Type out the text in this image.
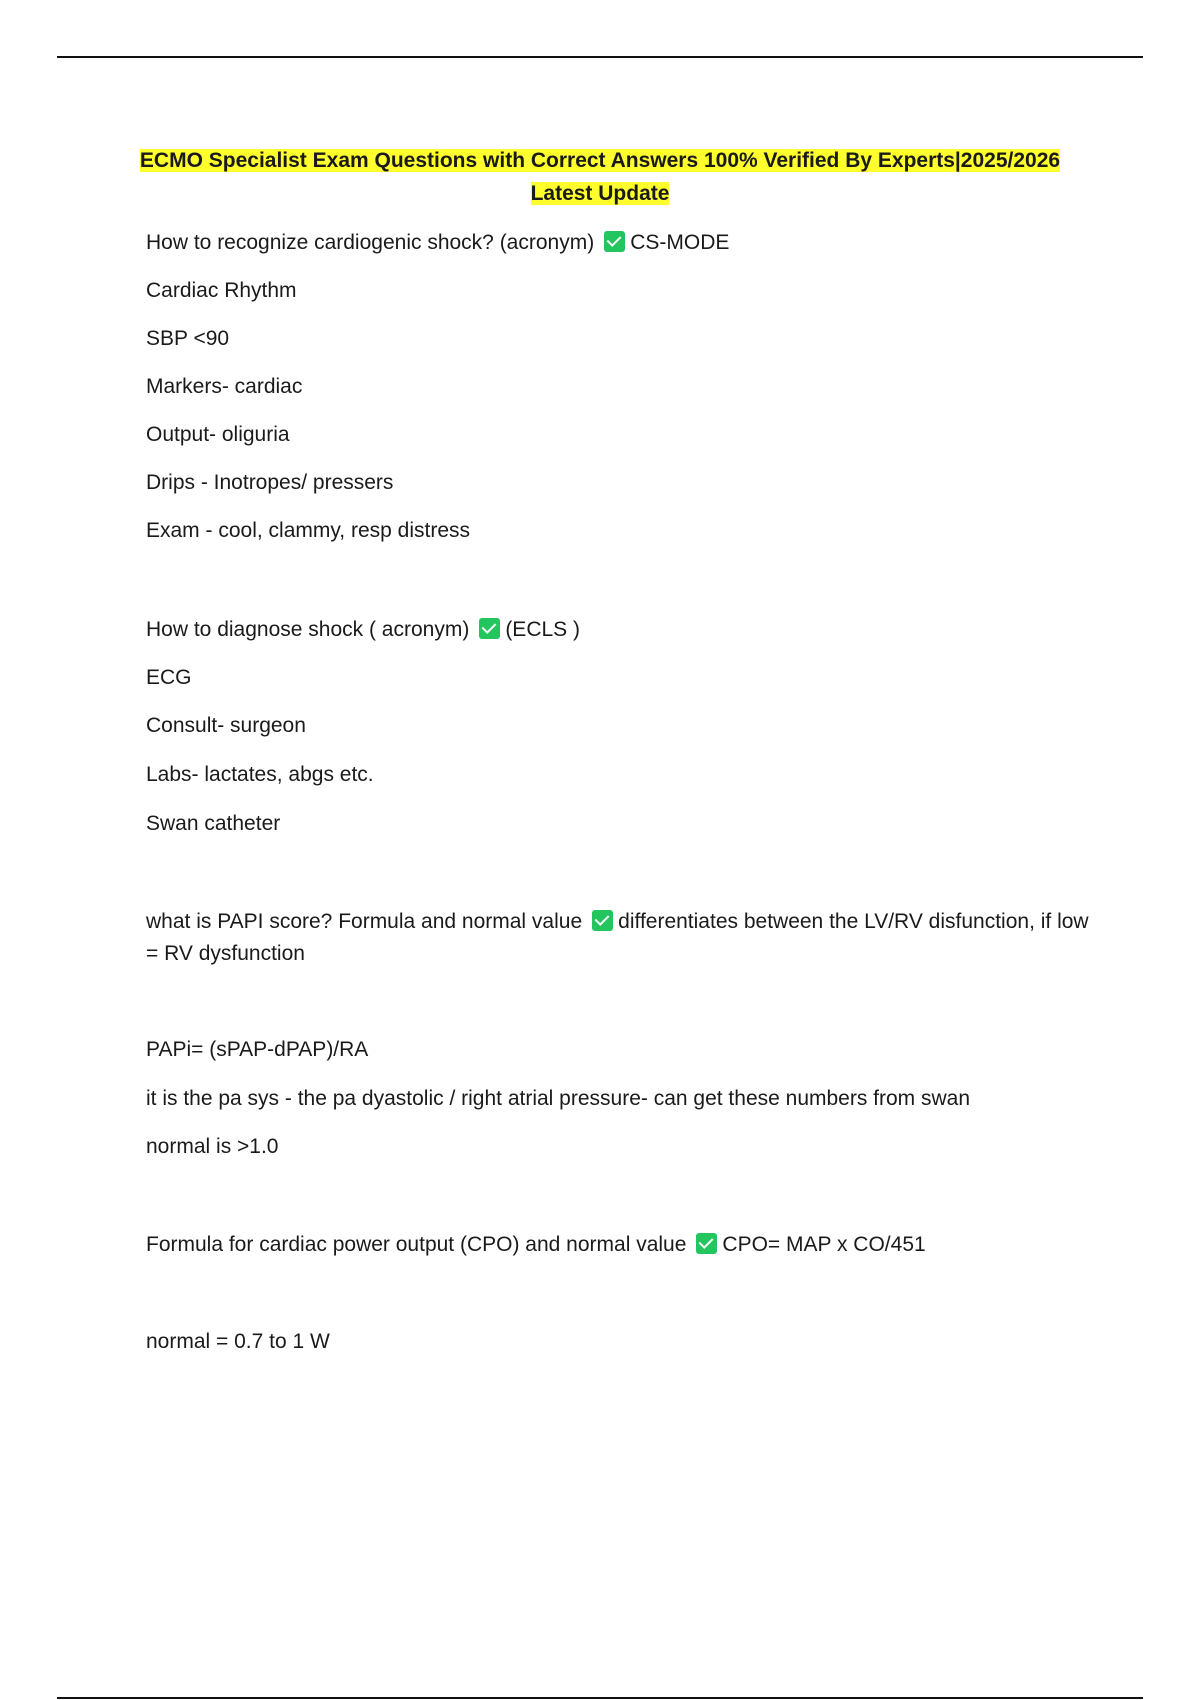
ECMO Specialist Exam Questions with Correct Answers 100% Verified By Experts|2025/2026
Latest Update
How to recognize cardiogenic shock? (acronym) CS-MODE
Cardiac Rhythm
SBP <90
Markers- cardiac
Output- oliguria
Drips - Inotropes/ pressers
Exam - cool, clammy, resp distress
How to diagnose shock ( acronym) (ECLS )
ECG
Consult- surgeon
Labs- lactates, abgs etc.
Swan catheter
what is PAPI score? Formula and normal value differentiates between the LV/RV disfunction, if low = RV dysfunction
PAPi= (sPAP-dPAP)/RA
it is the pa sys - the pa dyastolic / right atrial pressure- can get these numbers from swan
normal is >1.0
Formula for cardiac power output (CPO) and normal value CPO= MAP x CO/451
normal = 0.7 to 1 W
